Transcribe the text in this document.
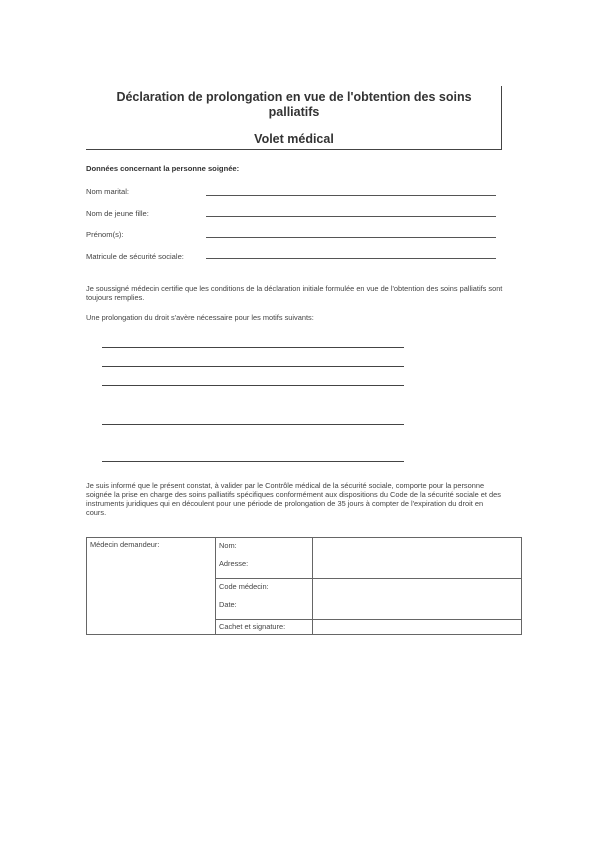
Déclaration de prolongation en vue de l'obtention des soins
palliatifs

Volet médical

Données concernant la personne soignée:
Nom marital:
Nom de jeune fille:
Prénom(s):
Matricule de sécurité sociale:

Je soussigné médecin certifie que les conditions de la déclaration initiale formulée en vue de l'obtention des soins palliatifs sont toujours remplies.

Une prolongation du droit s'avère nécessaire pour les motifs suivants:

Je suis informé que le présent constat, à valider par le Contrôle médical de la sécurité sociale, comporte pour la personne soignée la prise en charge des soins palliatifs spécifiques conformément aux dispositions du Code de la sécurité sociale et des instruments juridiques qui en découlent pour une période de prolongation de 35 jours à compter de l'expiration du droit en cours.

Médecin demandeur:	Nom:
Adresse:	

	Code médecin:
Date:	

	Cachet et signature:	
